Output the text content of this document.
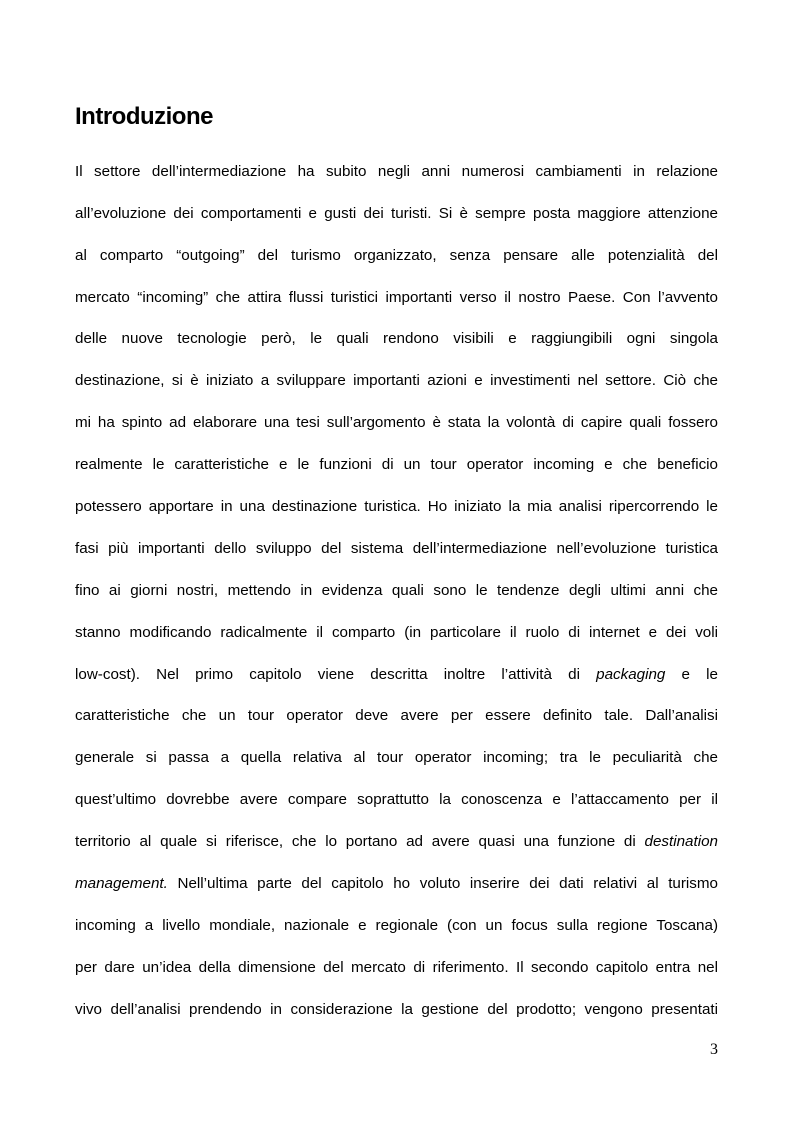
Introduzione
Il settore dell’intermediazione ha subito negli anni numerosi cambiamenti in relazione
all’evoluzione dei comportamenti e gusti dei turisti. Si è sempre posta maggiore attenzione
al comparto “outgoing” del turismo organizzato, senza pensare alle potenzialità del
mercato “incoming” che attira flussi turistici importanti verso il nostro Paese. Con l’avvento
delle nuove tecnologie però, le quali rendono visibili e raggiungibili ogni singola
destinazione, si è iniziato a sviluppare importanti azioni e investimenti nel settore. Ciò che
mi ha spinto ad elaborare una tesi sull’argomento è stata la volontà di capire quali fossero
realmente le caratteristiche e le funzioni di un tour operator incoming e che beneficio
potessero apportare in una destinazione turistica. Ho iniziato la mia analisi ripercorrendo le
fasi più importanti dello sviluppo del sistema dell’intermediazione nell’evoluzione turistica
fino ai giorni nostri, mettendo in evidenza quali sono le tendenze degli ultimi anni che
stanno modificando radicalmente il comparto (in particolare il ruolo di internet e dei voli
low-cost). Nel primo capitolo viene descritta inoltre l’attività di packaging e le
caratteristiche che un tour operator deve avere per essere definito tale. Dall’analisi
generale si passa a quella relativa al tour operator incoming; tra le peculiarità che
quest’ultimo dovrebbe avere compare soprattutto la conoscenza e l’attaccamento per il
territorio al quale si riferisce, che lo portano ad avere quasi una funzione di destination
management. Nell’ultima parte del capitolo ho voluto inserire dei dati relativi al turismo
incoming a livello mondiale, nazionale e regionale (con un focus sulla regione Toscana)
per dare un’idea della dimensione del mercato di riferimento. Il secondo capitolo entra nel
vivo dell’analisi prendendo in considerazione la gestione del prodotto; vengono presentati
3
